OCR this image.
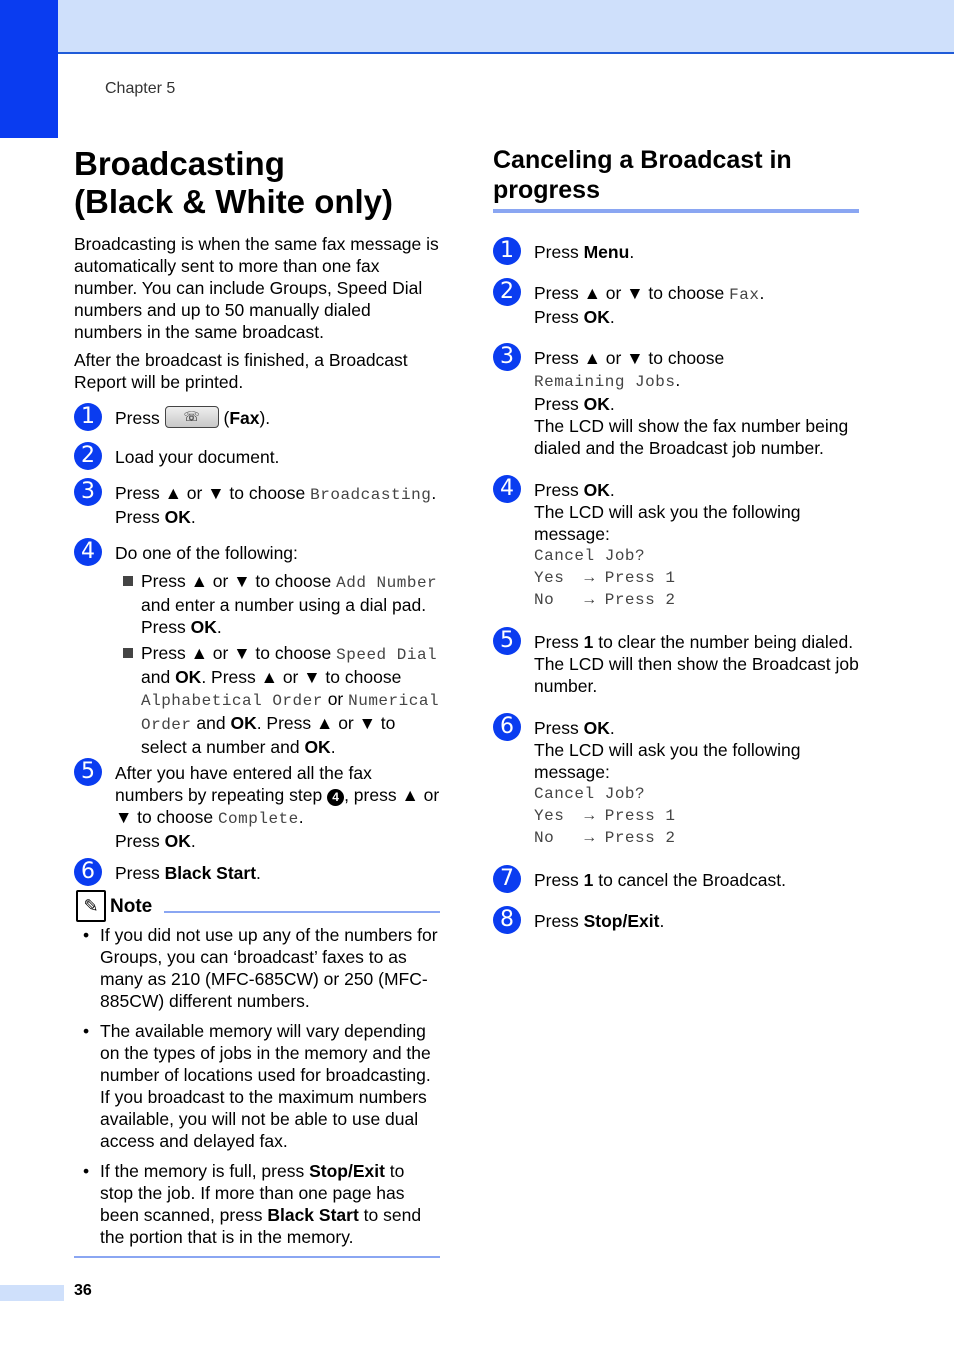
Chapter 5
Broadcasting
(Black & White only)

Broadcasting is when the same fax message is automatically sent to more than one fax number. You can include Groups, Speed Dial numbers and up to 50 manually dialed numbers in the same broadcast.

After the broadcast is finished, a Broadcast Report will be printed.

1	Press ☏ (Fax).
2	Load your document.
3	Press ▲ or ▼ to choose Broadcasting.
Press OK.
4	Do one of the following:
Press ▲ or ▼ to choose Add Number and enter a number using a dial pad.
Press OK.
Press ▲ or ▼ to choose Speed Dial and OK. Press ▲ or ▼ to choose Alphabetical Order or Numerical Order and OK. Press ▲ or ▼ to select a number and OK.
5	After you have entered all the fax numbers by repeating step 4 , press ▲ or ▼ to choose Complete.
Press OK.
6	Press Black Start.
✎ Note
• If you did not use up any of the numbers for Groups, you can ‘broadcast’ faxes to as many as 210 (MFC-685CW) or 250 (MFC-885CW) different numbers.
• The available memory will vary depending on the types of jobs in the memory and the number of locations used for broadcasting. If you broadcast to the maximum numbers available, you will not be able to use dual access and delayed fax.
• If the memory is full, press Stop/Exit to stop the job. If more than one page has been scanned, press Black Start to send the portion that is in the memory.
Canceling a Broadcast in
progress
1	Press Menu.
2	Press ▲ or ▼ to choose Fax.
Press OK.
3	Press ▲ or ▼ to choose
Remaining Jobs.
Press OK.
The LCD will show the fax number being dialed and the Broadcast job number.
4	Press OK.
The LCD will ask you the following message:
Cancel Job?
Yes  → Press 1
No   → Press 2
5	Press 1 to clear the number being dialed.
The LCD will then show the Broadcast job number.
6	Press OK.
The LCD will ask you the following message:
Cancel Job?
Yes  → Press 1
No   → Press 2
7	Press 1 to cancel the Broadcast.
8	Press Stop/Exit.
36
